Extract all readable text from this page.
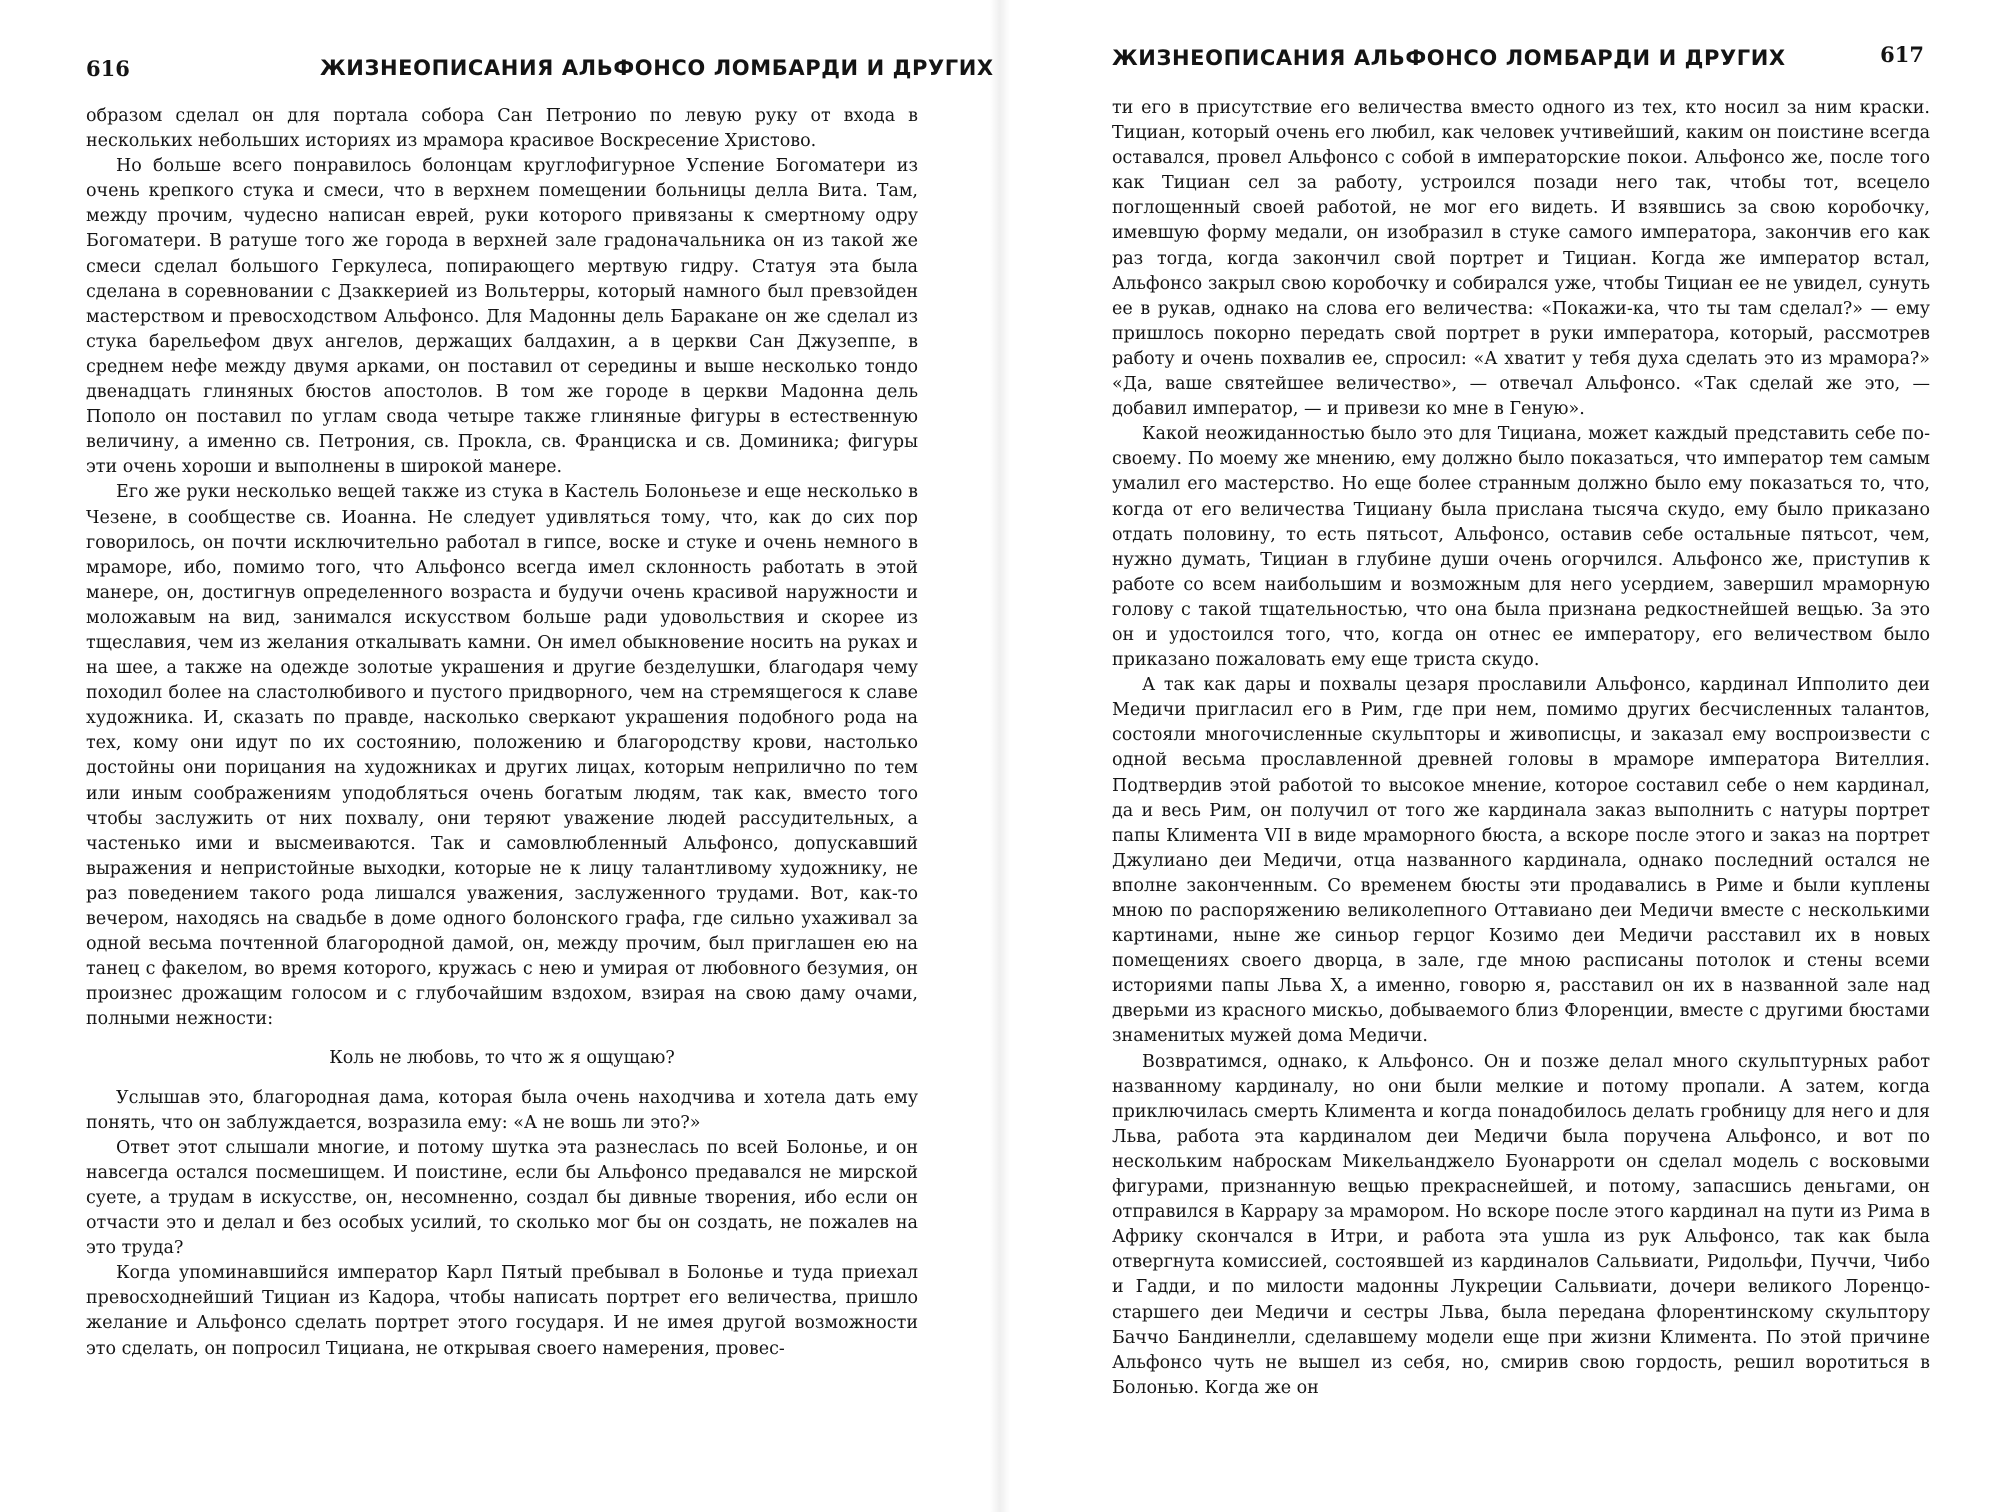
616	ЖИЗНЕОПИСАНИЯ АЛЬФОНСО ЛОМБАРДИ И ДРУГИХ

образом сделал он для портала собора Сан Петронио по левую руку от входа в нескольких небольших историях из мрамора красивое Воскресение Христово.

Но больше всего понравилось болонцам круглофигурное Успение Богоматери из очень крепкого стука и смеси, что в верхнем помещении больницы делла Вита. Там, между прочим, чудесно написан еврей, руки которого привязаны к смертному одру Богоматери. В ратуше того же города в верхней зале градоначальника он из такой же смеси сделал большого Геркулеса, попирающего мертвую гидру. Статуя эта была сделана в соревновании с Дзаккерией из Вольтерры, который намного был превзойден мастерством и превосходством Альфонсо. Для Мадонны дель Баракане он же сделал из стука барельефом двух ангелов, держащих балдахин, а в церкви Сан Джузеппе, в среднем нефе между двумя арками, он поставил от середины и выше несколько тондо двенадцать глиняных бюстов апостолов. В том же городе в церкви Мадонна дель Пополо он поставил по углам свода четыре также глиняные фигуры в естественную величину, а именно св. Петрония, св. Прокла, св. Франциска и св. Доминика; фигуры эти очень хороши и выполнены в широкой манере.

Его же руки несколько вещей также из стука в Кастель Болоньезе и еще несколько в Чезене, в сообществе св. Иоанна. Не следует удивляться тому, что, как до сих пор говорилось, он почти исключительно работал в гипсе, воске и стуке и очень немного в мраморе, ибо, помимо того, что Альфонсо всегда имел склонность работать в этой манере, он, достигнув определенного возраста и будучи очень красивой наружности и моложавым на вид, занимался искусством больше ради удовольствия и скорее из тщеславия, чем из желания откалывать камни. Он имел обыкновение носить на руках и на шее, а также на одежде золотые украшения и другие безделушки, благодаря чему походил более на сластолюбивого и пустого придворного, чем на стремящегося к славе художника. И, сказать по правде, насколько сверкают украшения подобного рода на тех, кому они идут по их состоянию, положению и благородству крови, настолько достойны они порицания на художниках и других лицах, которым неприлично по тем или иным соображениям уподобляться очень богатым людям, так как, вместо того чтобы заслужить от них похвалу, они теряют уважение людей рассудительных, а частенько ими и высмеиваются. Так и самовлюбленный Альфонсо, допускавший выражения и непристойные выходки, которые не к лицу талантливому художнику, не раз поведением такого рода лишался уважения, заслуженного трудами. Вот, как-то вечером, находясь на свадьбе в доме одного болонского графа, где сильно ухаживал за одной весьма почтенной благородной дамой, он, между прочим, был приглашен ею на танец с факелом, во время которого, кружась с нею и умирая от любовного безумия, он произнес дрожащим голосом и с глубочайшим вздохом, взирая на свою даму очами, полными нежности:

Коль не любовь, то что ж я ощущаю?

Услышав это, благородная дама, которая была очень находчива и хотела дать ему понять, что он заблуждается, возразила ему: «А не вошь ли это?»

Ответ этот слышали многие, и потому шутка эта разнеслась по всей Болонье, и он навсегда остался посмешищем. И поистине, если бы Альфонсо предавался не мирской суете, а трудам в искусстве, он, несомненно, создал бы дивные творения, ибо если он отчасти это и делал и без особых усилий, то сколько мог бы он создать, не пожалев на это труда?

Когда упоминавшийся император Карл Пятый пребывал в Болонье и туда приехал превосходнейший Тициан из Кадора, чтобы написать портрет его величества, пришло желание и Альфонсо сделать портрет этого государя. И не имея другой возможности это сделать, он попросил Тициана, не открывая своего намерения, провес-

ЖИЗНЕОПИСАНИЯ АЛЬФОНСО ЛОМБАРДИ И ДРУГИХ	617

ти его в присутствие его величества вместо одного из тех, кто носил за ним краски. Тициан, который очень его любил, как человек учтивейший, каким он поистине всегда оставался, провел Альфонсо с собой в императорские покои. Альфонсо же, после того как Тициан сел за работу, устроился позади него так, чтобы тот, всецело поглощенный своей работой, не мог его видеть. И взявшись за свою коробочку, имевшую форму медали, он изобразил в стуке самого императора, закончив его как раз тогда, когда закончил свой портрет и Тициан. Когда же император встал, Альфонсо закрыл свою коробочку и собирался уже, чтобы Тициан ее не увидел, сунуть ее в рукав, однако на слова его величества: «Покажи-ка, что ты там сделал?» — ему пришлось покорно передать свой портрет в руки императора, который, рассмотрев работу и очень похвалив ее, спросил: «А хватит у тебя духа сделать это из мрамора?» «Да, ваше святейшее величество», — отвечал Альфонсо. «Так сделай же это, — добавил император, — и привези ко мне в Геную».

Какой неожиданностью было это для Тициана, может каждый представить себе по-своему. По моему же мнению, ему должно было показаться, что император тем самым умалил его мастерство. Но еще более странным должно было ему показаться то, что, когда от его величества Тициану была прислана тысяча скудо, ему было приказано отдать половину, то есть пятьсот, Альфонсо, оставив себе остальные пятьсот, чем, нужно думать, Тициан в глубине души очень огорчился. Альфонсо же, приступив к работе со всем наибольшим и возможным для него усердием, завершил мраморную голову с такой тщательностью, что она была признана редкостнейшей вещью. За это он и удостоился того, что, когда он отнес ее императору, его величеством было приказано пожаловать ему еще триста скудо.

А так как дары и похвалы цезаря прославили Альфонсо, кардинал Ипполито деи Медичи пригласил его в Рим, где при нем, помимо других бесчисленных талантов, состояли многочисленные скульпторы и живописцы, и заказал ему воспроизвести с одной весьма прославленной древней головы в мраморе императора Вителлия. Подтвердив этой работой то высокое мнение, которое составил себе о нем кардинал, да и весь Рим, он получил от того же кардинала заказ выполнить с натуры портрет папы Климента VII в виде мраморного бюста, а вскоре после этого и заказ на портрет Джулиано деи Медичи, отца названного кардинала, однако последний остался не вполне законченным. Со временем бюсты эти продавались в Риме и были куплены мною по распоряжению великолепного Оттавиано деи Медичи вместе с несколькими картинами, ныне же синьор герцог Козимо деи Медичи расставил их в новых помещениях своего дворца, в зале, где мною расписаны потолок и стены всеми историями папы Льва X, а именно, говорю я, расставил он их в названной зале над дверьми из красного мискьо, добываемого близ Флоренции, вместе с другими бюстами знаменитых мужей дома Медичи.

Возвратимся, однако, к Альфонсо. Он и позже делал много скульптурных работ названному кардиналу, но они были мелкие и потому пропали. А затем, когда приключилась смерть Климента и когда понадобилось делать гробницу для него и для Льва, работа эта кардиналом деи Медичи была поручена Альфонсо, и вот по нескольким наброскам Микельанджело Буонарроти он сделал модель с восковыми фигурами, признанную вещью прекраснейшей, и потому, запасшись деньгами, он отправился в Каррару за мрамором. Но вскоре после этого кардинал на пути из Рима в Африку скончался в Итри, и работа эта ушла из рук Альфонсо, так как была отвергнута комиссией, состоявшей из кардиналов Сальвиати, Ридольфи, Пуччи, Чибо и Гадди, и по милости мадонны Лукреции Сальвиати, дочери великого Лоренцо-старшего деи Медичи и сестры Льва, была передана флорентинскому скульптору Баччо Бандинелли, сделавшему модели еще при жизни Климента. По этой причине Альфонсо чуть не вышел из себя, но, смирив свою гордость, решил воротиться в Болонью. Когда же он
